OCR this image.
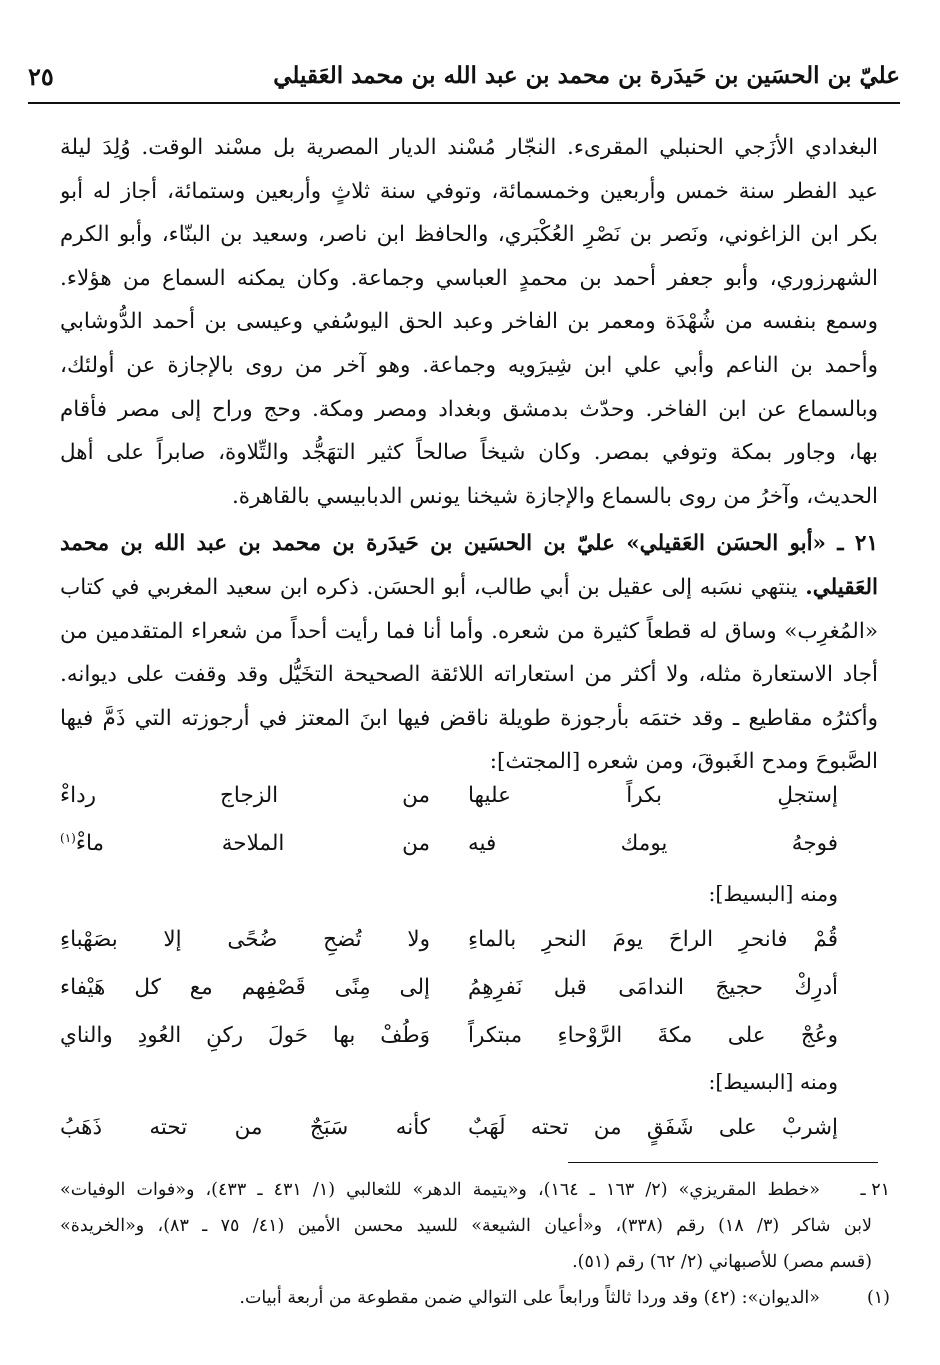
عليّ بن الحسَين بن حَيدَرة بن محمد بن عبد الله بن محمد العَقيلي
٢٥
البغدادي الأزَجي الحنبلي المقرىء. النجّار مُسْند الديار المصرية بل مسْند الوقت. وُلِدَ ليلة
عيد الفطر سنة خمس وأربعين وخمسمائة، وتوفي سنة ثلاثٍ وأربعين وستمائة، أجاز له أبو
بكر ابن الزاغوني، ونَصر بن نَصْرِ العُكْبَري، والحافظ ابن ناصر، وسعيد بن البنّاء، وأبو الكرم
الشهرزوري، وأبو جعفر أحمد بن محمدٍ العباسي وجماعة. وكان يمكنه السماع من هؤلاء.
وسمع بنفسه من شُهْدَة ومعمر بن الفاخر وعبد الحق اليوسُفي وعيسى بن أحمد الدُّوشابي
وأحمد بن الناعم وأبي علي ابن شِيرَويه وجماعة. وهو آخر من روى بالإجازة عن أولئك،
وبالسماع عن ابن الفاخر. وحدّث بدمشق وبغداد ومصر ومكة. وحج وراح إلى مصر فأقام
بها، وجاور بمكة وتوفي بمصر. وكان شيخاً صالحاً كثير التهَجُّد والتِّلاوة، صابراً على أهل
الحديث، وآخرُ من روى بالسماع والإجازة شيخنا يونس الدبابيسي بالقاهرة.
٢١ ـ «أبو الحسَن العَقيلي» عليّ بن الحسَين بن حَيدَرة بن محمد بن عبد الله بن محمد
العَقيلي. ينتهي نسَبه إلى عقيل بن أبي طالب، أبو الحسَن. ذكره ابن سعيد المغربي في كتاب
«المُغرِب» وساق له قطعاً كثيرة من شعره. وأما أنا فما رأيت أحداً من شعراء المتقدمين من
أجاد الاستعارة مثله، ولا أكثر من استعاراته اللائقة الصحيحة التخَيُّل وقد وقفت على ديوانه.
وأكثرُه مقاطيع ـ وقد ختمَه بأرجوزة طويلة ناقض فيها ابنَ المعتز في أرجوزته التي ذَمَّ فيها
الصَّبوحَ ومدح الغَبوقَ، ومن شعره [المجتث]:
إستجلِ بكراً عليها
من الزجاج رداءْ
فوجهُ يومك فيه
من الملاحة ماءْ$^{(١)}$
ومنه [البسيط]:
قُمْ فانحرِ الراحَ يومَ النحرِ بالماءِ
ولا تُضحِ ضُحًى إلا بصَهْباءِ
أدرِكْ حجيجَ الندامَى قبل نَفرِهِمُ
إلى مِنًى قَصْفِهم مع كل هَيْفاء
وعُجْ على مكةَ الرَّوْحاءِ مبتكراً
وَطُفْ بها حَولَ ركنِ العُودِ والناي
ومنه [البسيط]:
إشربْ على شَفَقٍ من تحته لَهَبٌ
كأنه سَبَجٌ من تحته ذَهَبُ
٢١ ـ
«خطط المقريزي» (٢/ ١٦٣ ـ ١٦٤)، و«يتيمة الدهر» للثعالبي (١/ ٤٣١ ـ ٤٣٣)، و«فوات الوفيات»
لابن شاكر (٣/ ١٨) رقم (٣٣٨)، و«أعيان الشيعة» للسيد محسن الأمين (٤١/ ٧٥ ـ ٨٣)، و«الخريدة»
(قسم مصر) للأصبهاني (٢/ ٦٢) رقم (٥١).
(١)
«الديوان»: (٤٢) وقد وردا ثالثاً ورابعاً على التوالي ضمن مقطوعة من أربعة أبيات.
